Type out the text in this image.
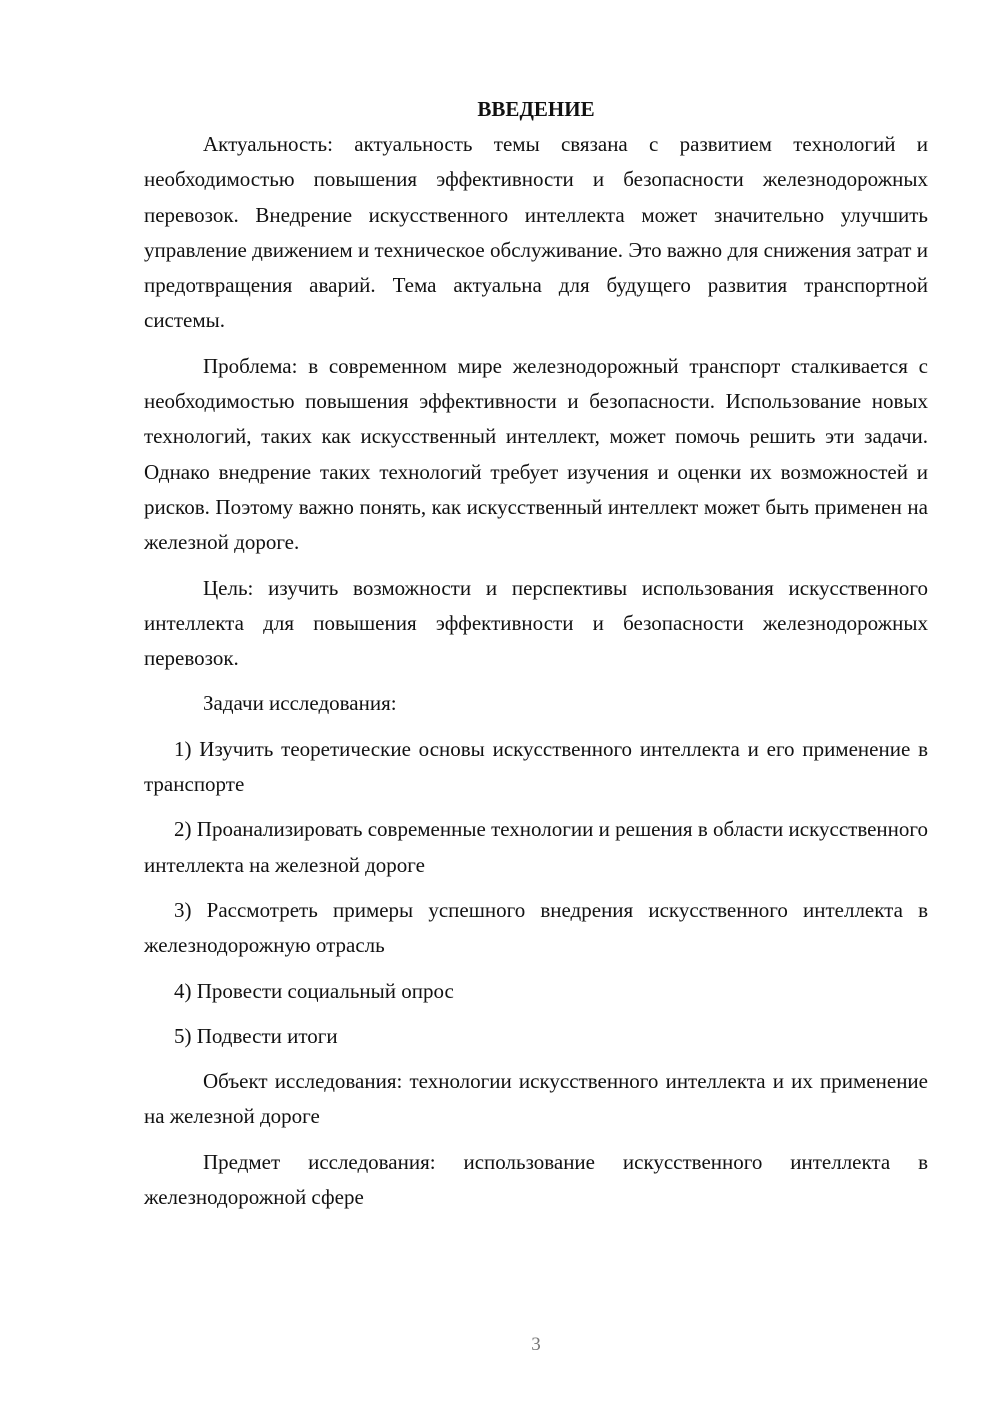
ВВЕДЕНИЕ

Актуальность: актуальность темы связана с развитием технологий и необходимостью повышения эффективности и безопасности железнодорожных перевозок. Внедрение искусственного интеллекта может значительно улучшить управление движением и техническое обслуживание. Это важно для снижения затрат и предотвращения аварий. Тема актуальна для будущего развития транспортной системы.

Проблема: в современном мире железнодорожный транспорт сталкивается с необходимостью повышения эффективности и безопасности. Использование новых технологий, таких как искусственный интеллект, может помочь решить эти задачи. Однако внедрение таких технологий требует изучения и оценки их возможностей и рисков. Поэтому важно понять, как искусственный интеллект может быть применен на железной дороге.

Цель: изучить возможности и перспективы использования искусственного интеллекта для повышения эффективности и безопасности железнодорожных перевозок.

Задачи исследования:

1) Изучить теоретические основы искусственного интеллекта и его применение в транспорте

2) Проанализировать современные технологии и решения в области искусственного интеллекта на железной дороге

3) Рассмотреть примеры успешного внедрения искусственного интеллекта в железнодорожную отрасль

4) Провести социальный опрос

5) Подвести итоги

Объект исследования: технологии искусственного интеллекта и их применение на железной дороге

Предмет исследования: использование искусственного интеллекта в железнодорожной сфере

3
